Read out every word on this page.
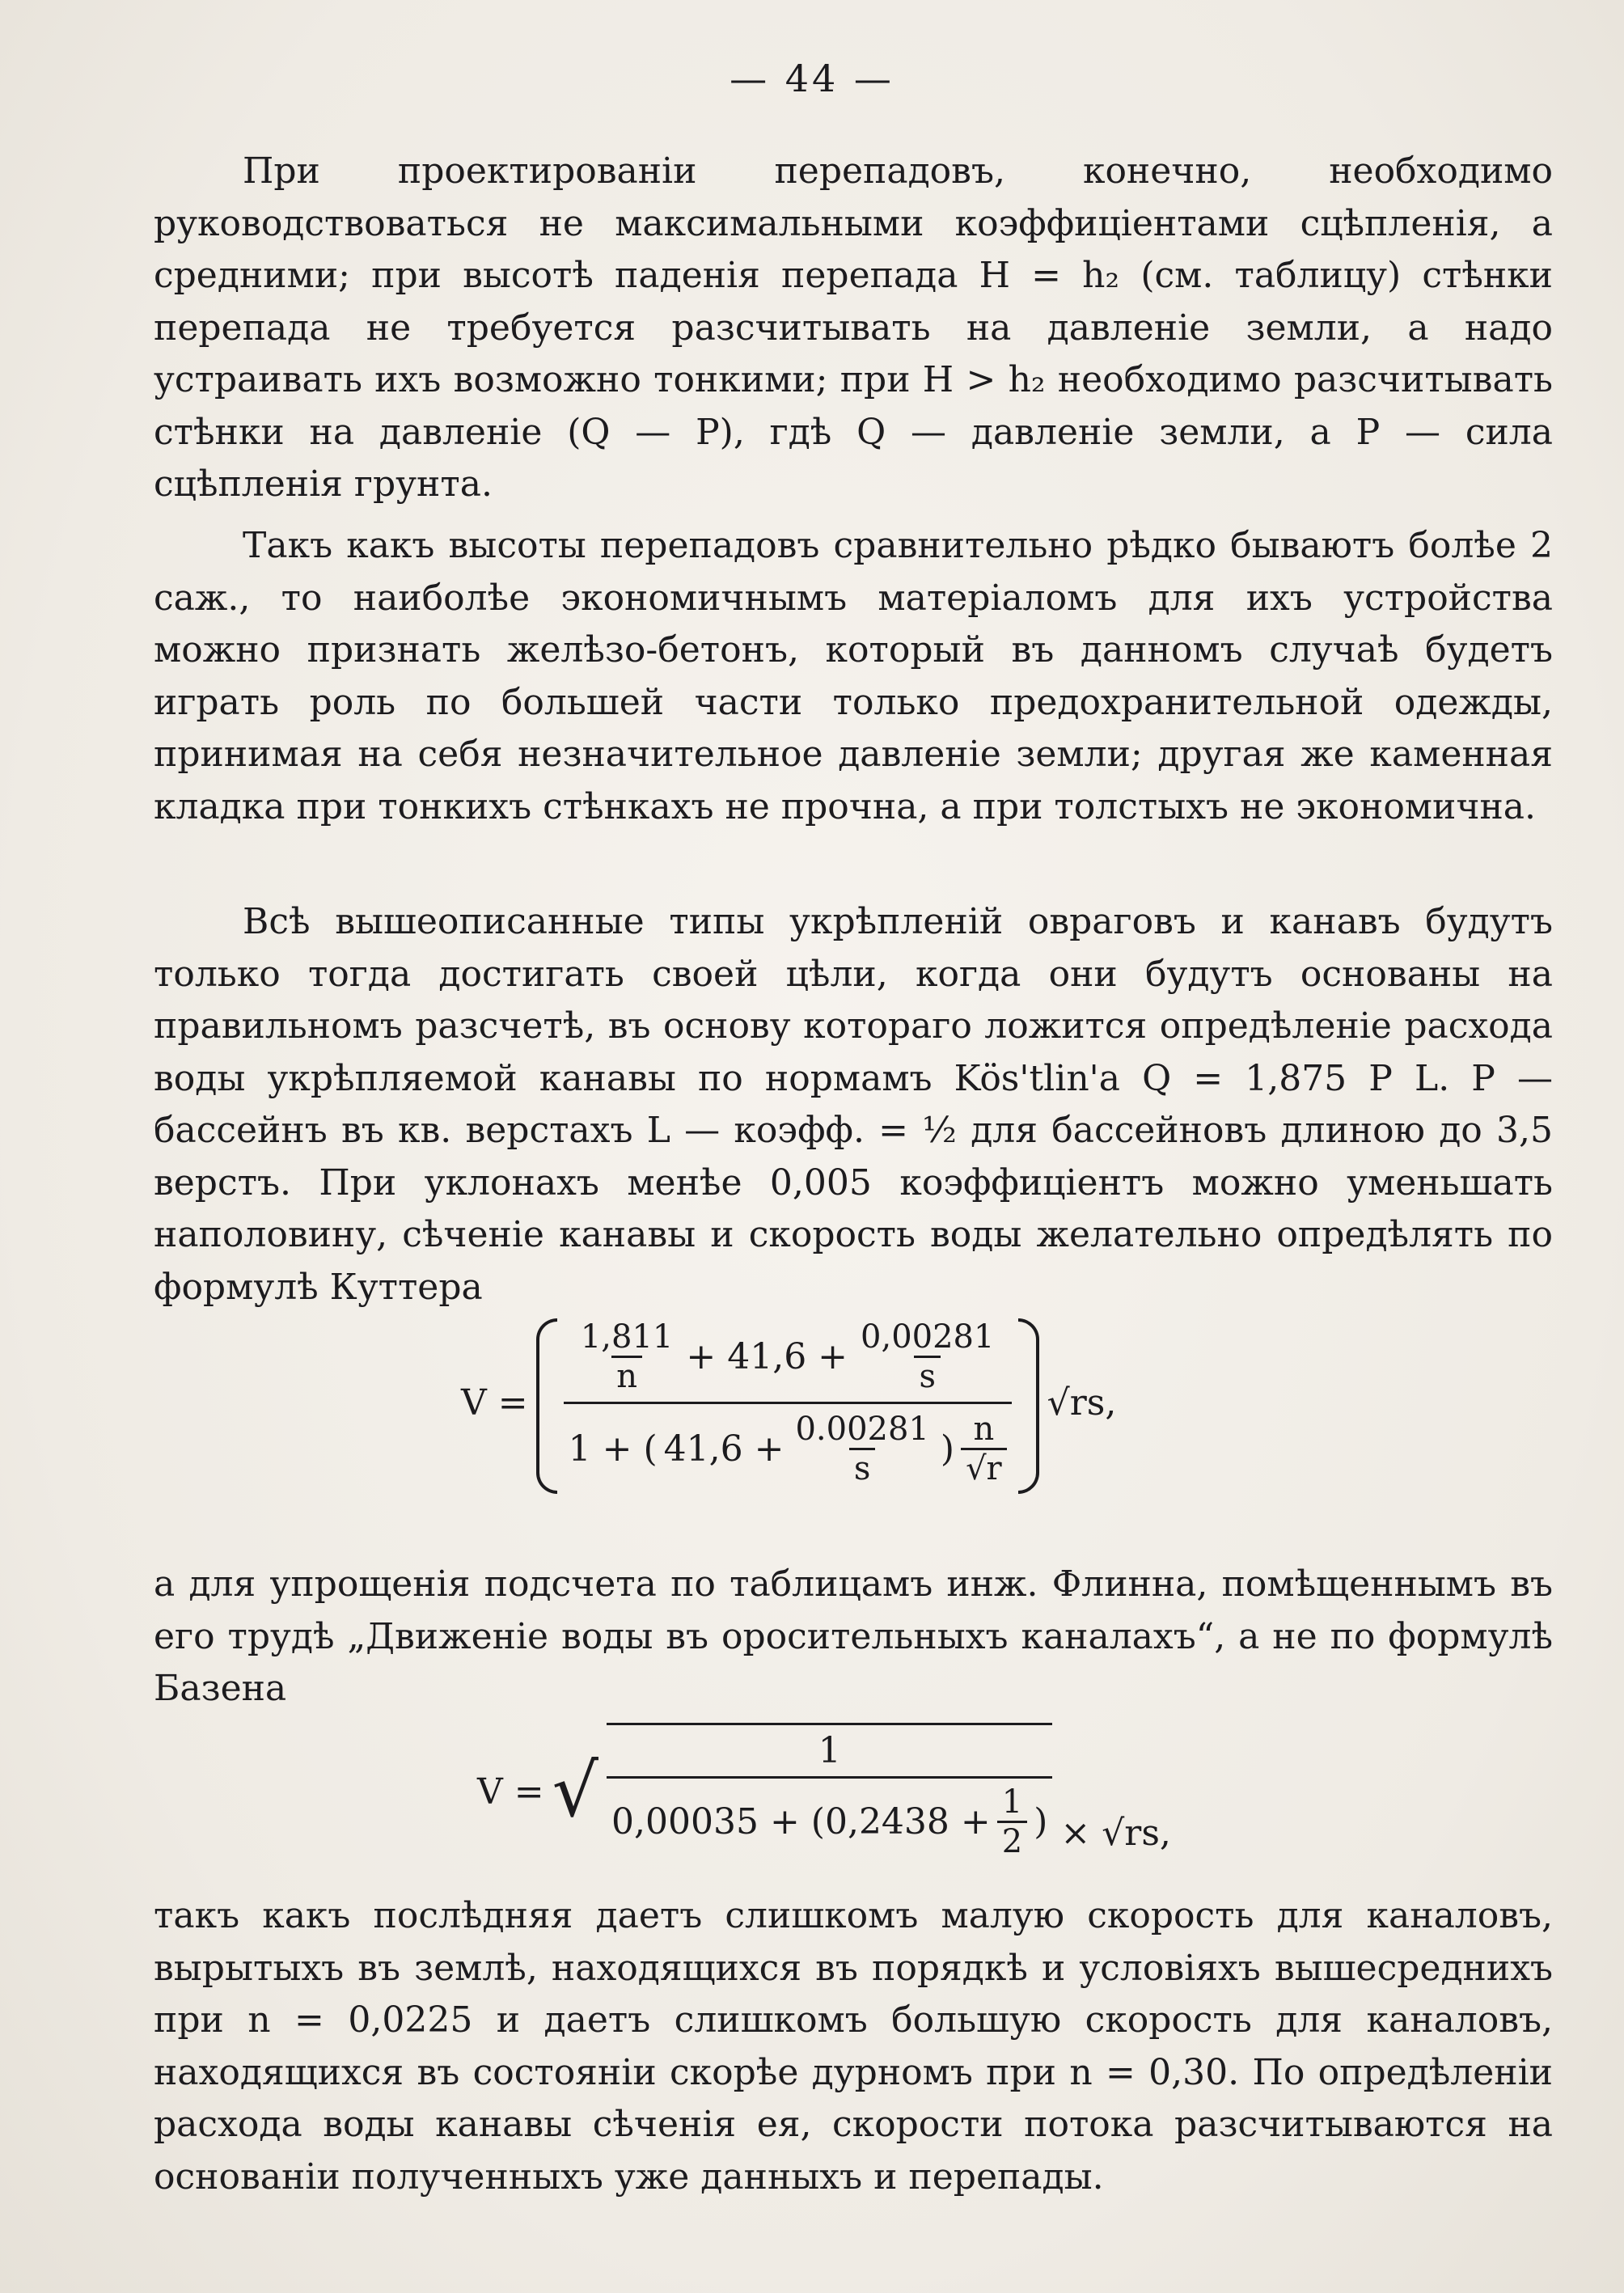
— 44 —

При проектированіи перепадовъ, конечно, необходимо руководствоваться не максимальными коэффиціентами сцѣпленія, а средними; при высотѣ паденія перепада H = h₂ (см. таблицу) стѣнки перепада не требуется разсчитывать на давленіе земли, а надо устраивать ихъ возможно тонкими; при H > h₂ необходимо разсчитывать стѣнки на давленіе (Q — P), гдѣ Q — давленіе земли, а P — сила сцѣпленія грунта.

Такъ какъ высоты перепадовъ сравнительно рѣдко бываютъ болѣе 2 саж., то наиболѣе экономичнымъ матеріаломъ для ихъ устройства можно признать желѣзо-бетонъ, который въ данномъ случаѣ будетъ играть роль по большей части только предохранительной одежды, принимая на себя незначительное давленіе земли; другая же каменная кладка при тонкихъ стѣнкахъ не прочна, а при толстыхъ не экономична.

Всѣ вышеописанные типы укрѣпленій овраговъ и канавъ будутъ только тогда достигать своей цѣли, когда они будутъ основаны на правильномъ разсчетѣ, въ основу котораго ложится опредѣленіе расхода воды укрѣпляемой канавы по нормамъ Kös'tlin'a Q = 1,875 P L. P — бассейнъ въ кв. верстахъ L — коэфф. = ½ для бассейновъ длиною до 3,5 верстъ. При уклонахъ менѣе 0,005 коэффиціентъ можно уменьшать наполовину, сѣченіе канавы и скорость воды желательно опредѣлять по формулѣ Куттера

V =
$\frac{1,811}{n} + 41,6 + \frac{0,00281}{s}$
1 + ( $41,6 + \frac{0.00281}{s}$ ) $\frac{n}{√r}$
√rs,

а для упрощенія подсчета по таблицамъ инж. Флинна, помѣщеннымъ въ его трудѣ „Движеніе воды въ оросительныхъ каналахъ“, а не по формулѣ Базена

V = √	1
$0,00035 + (0,2438 + \frac{1}{2}$ ) × √rs,

такъ какъ послѣдняя даетъ слишкомъ малую скорость для каналовъ, вырытыхъ въ землѣ, находящихся въ порядкѣ и условіяхъ вышесреднихъ при n = 0,0225 и даетъ слишкомъ большую скорость для каналовъ, находящихся въ состояніи скорѣе дурномъ при n = 0,30. По опредѣленіи расхода воды канавы сѣченія ея, скорости потока разсчитываются на основаніи полученныхъ уже данныхъ и перепады.
